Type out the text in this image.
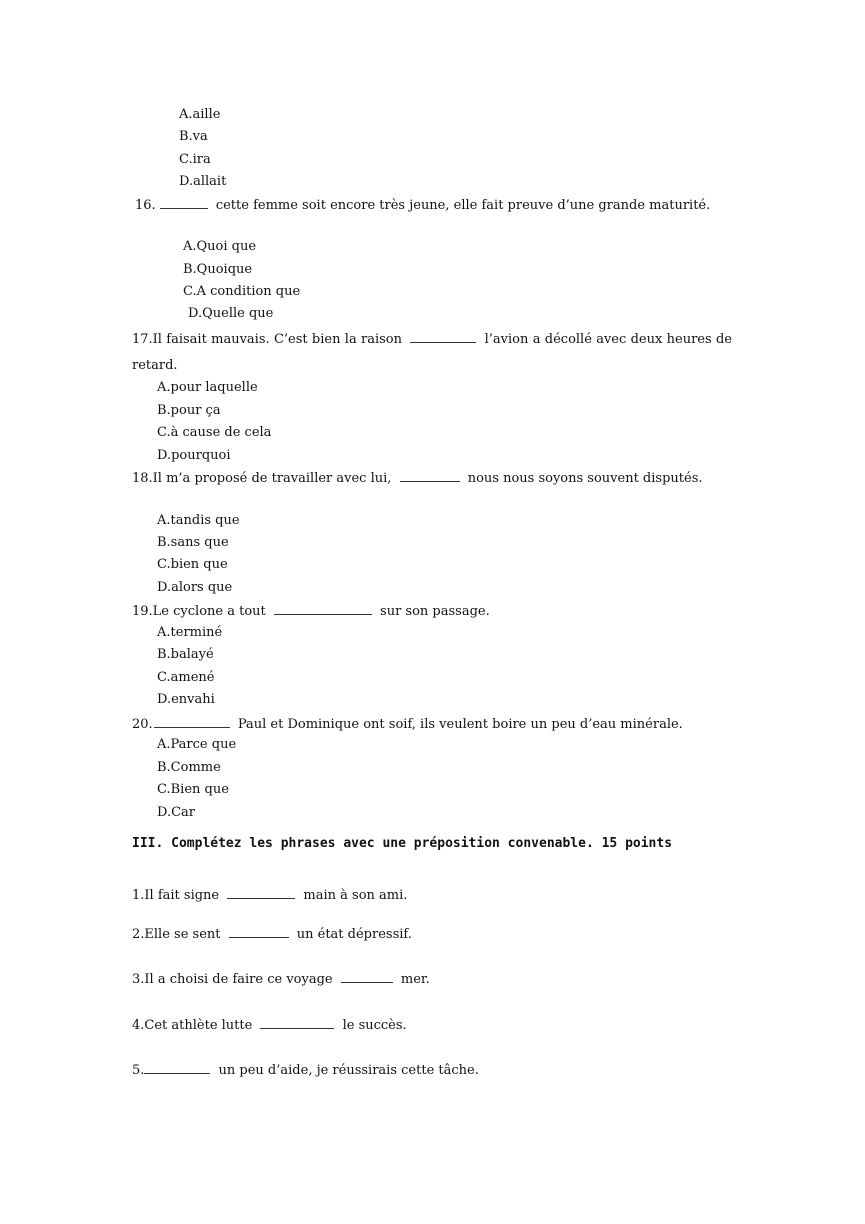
A.aille
B.va
C.ira
D.allait
16.	cette femme soit encore très jeune, elle fait preuve d’une grande maturité.
A.Quoi que
B.Quoique
C.A condition que
D.Quelle que
17.Il faisait mauvais. C’est bien la raison	l’avion a décollé avec deux heures de retard.
A.pour laquelle
B.pour ça
C.à cause de cela
D.pourquoi
18.Il m’a proposé de travailler avec lui,	nous nous soyons souvent disputés.
A.tandis que
B.sans que
C.bien que
D.alors que
19.Le cyclone a tout	sur son passage.
A.terminé
B.balayé
C.amené
D.envahi
20.	Paul et Dominique ont soif, ils veulent boire un peu d’eau minérale.
A.Parce que
B.Comme
C.Bien que
D.Car
III. Complétez les phrases avec une préposition convenable. 15 points
1.Il fait signe	main à son ami.
2.Elle se sent	un état dépressif.
3.Il a choisi de faire ce voyage	mer.
4.Cet athlète lutte	le succès.
5.	un peu d’aide, je réussirais cette tâche.
